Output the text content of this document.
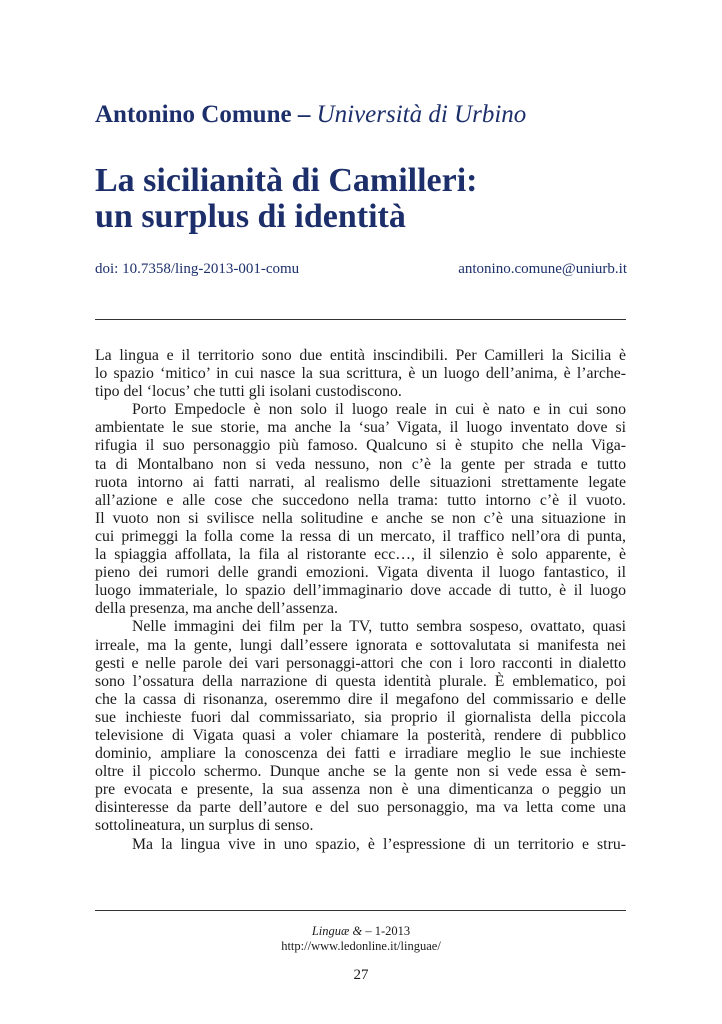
Antonino Comune – Università di Urbino
La sicilianità di Camilleri:
un surplus di identità
doi: 10.7358/ling-2013-001-comu	antonino.comune@uniurb.it

La lingua e il territorio sono due entità inscindibili. Per Camilleri la Sicilia è
lo spazio ‘mitico’ in cui nasce la sua scrittura, è un luogo dell’anima, è l’arche-
tipo del ‘locus’ che tutti gli isolani custodiscono.

Porto Empedocle è non solo il luogo reale in cui è nato e in cui sono
ambientate le sue storie, ma anche la ‘sua’ Vigata, il luogo inventato dove si
rifugia il suo personaggio più famoso. Qualcuno si è stupito che nella Viga-
ta di Montalbano non si veda nessuno, non c’è la gente per strada e tutto
ruota intorno ai fatti narrati, al realismo delle situazioni strettamente legate
all’azione e alle cose che succedono nella trama: tutto intorno c’è il vuoto.
Il vuoto non si svilisce nella solitudine e anche se non c’è una situazione in
cui primeggi la folla come la ressa di un mercato, il traffico nell’ora di punta,
la spiaggia affollata, la fila al ristorante ecc…, il silenzio è solo apparente, è
pieno dei rumori delle grandi emozioni. Vigata diventa il luogo fantastico, il
luogo immateriale, lo spazio dell’immaginario dove accade di tutto, è il luogo
della presenza, ma anche dell’assenza.

Nelle immagini dei film per la TV, tutto sembra sospeso, ovattato, quasi
irreale, ma la gente, lungi dall’essere ignorata e sottovalutata si manifesta nei
gesti e nelle parole dei vari personaggi-attori che con i loro racconti in dialetto
sono l’ossatura della narrazione di questa identità plurale. È emblematico, poi
che la cassa di risonanza, oseremmo dire il megafono del commissario e delle
sue inchieste fuori dal commissariato, sia proprio il giornalista della piccola
televisione di Vigata quasi a voler chiamare la posterità, rendere di pubblico
dominio, ampliare la conoscenza dei fatti e irradiare meglio le sue inchieste
oltre il piccolo schermo. Dunque anche se la gente non si vede essa è sem-
pre evocata e presente, la sua assenza non è una dimenticanza o peggio un
disinteresse da parte dell’autore e del suo personaggio, ma va letta come una
sottolineatura, un surplus di senso.

Ma la lingua vive in uno spazio, è l’espressione di un territorio e stru-

Linguæ & – 1-2013
http://www.ledonline.it/linguae/
27
